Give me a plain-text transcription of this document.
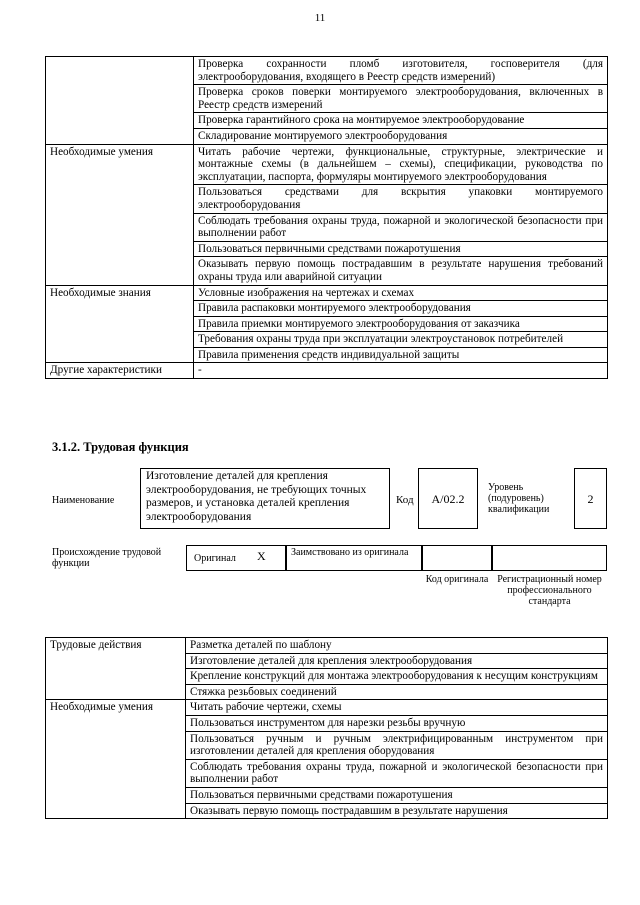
11
	Проверка сохранности пломб изготовителя, госповерителя (для электрооборудования, входящего в Реестр средств измерений)
	Проверка сроков поверки монтируемого электрооборудования, включенных в Реестр средств измерений
	Проверка гарантийного срока на монтируемое электрооборудование
	Складирование монтируемого электрооборудования
Необходимые умения	Читать рабочие чертежи, функциональные, структурные, электрические и монтажные схемы (в дальнейшем – схемы), спецификации, руководства по эксплуатации, паспорта, формуляры монтируемого электрооборудования
	Пользоваться средствами для вскрытия упаковки монтируемого электрооборудования
	Соблюдать требования охраны труда, пожарной и экологической безопасности при выполнении работ
	Пользоваться первичными средствами пожаротушения
	Оказывать первую помощь пострадавшим в результате нарушения требований охраны труда или аварийной ситуации
Необходимые знания	Условные изображения на чертежах и схемах
	Правила распаковки монтируемого электрооборудования
	Правила приемки монтируемого электрооборудования от заказчика
	Требования охраны труда при эксплуатации электроустановок потребителей
	Правила применения средств индивидуальной защиты
Другие характеристики	-
3.1.2. Трудовая функция
Наименование
Изготовление деталей для крепления электрооборудования, не требующих точных размеров, и установка деталей крепления электрооборудования
Код	A/02.2
Уровень (подуровень) квалификации
2
Происхождение трудовой функции	Оригинал X	Заимствовано из оригинала
Код оригинала Регистрационный номер профессионального стандарта
Трудовые действия	Разметка деталей по шаблону
	Изготовление деталей для крепления электрооборудования
	Крепление конструкций для монтажа электрооборудования к несущим конструкциям
	Стяжка резьбовых соединений
Необходимые умения	Читать рабочие чертежи, схемы
	Пользоваться инструментом для нарезки резьбы вручную
	Пользоваться ручным и ручным электрифицированным инструментом при изготовлении деталей для крепления оборудования
	Соблюдать требования охраны труда, пожарной и экологической безопасности при выполнении работ
	Пользоваться первичными средствами пожаротушения
	Оказывать первую помощь пострадавшим в результате нарушения
